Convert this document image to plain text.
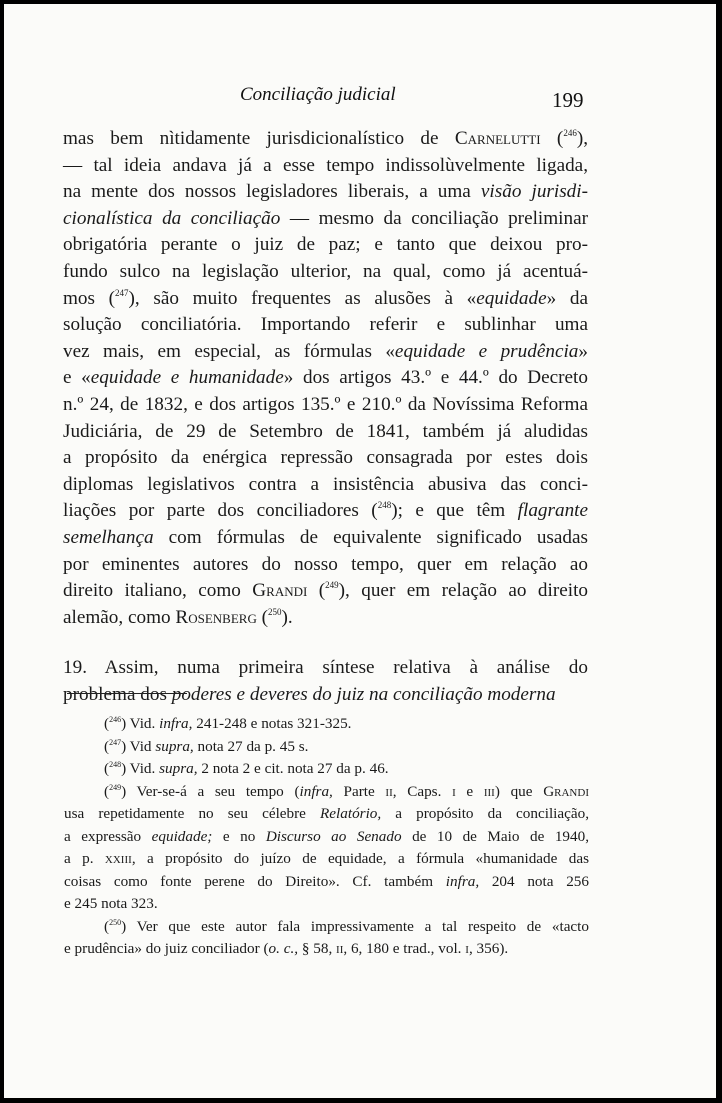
Conciliação judicial	199

mas bem nìtidamente jurisdicionalístico de Carnelutti ($^{246}$),
— tal ideia andava já a esse tempo indissolùvelmente ligada,
na mente dos nossos legisladores liberais, a uma visão jurisdi-
cionalística da conciliação — mesmo da conciliação preliminar
obrigatória perante o juiz de paz; e tanto que deixou pro-
fundo sulco na legislação ulterior, na qual, como já acentuá-
mos ($^{247}$), são muito frequentes as alusões à «equidade» da
solução conciliatória. Importando referir e sublinhar uma
vez mais, em especial, as fórmulas «equidade e prudência»
e «equidade e humanidade» dos artigos 43.º e 44.º do Decreto
n.º 24, de 1832, e dos artigos 135.º e 210.º da Novíssima Reforma
Judiciária, de 29 de Setembro de 1841, também já aludidas
a propósito da enérgica repressão consagrada por estes dois
diplomas legislativos contra a insistência abusiva das conci-
liações por parte dos conciliadores ($^{248}$); e que têm flagrante
semelhança com fórmulas de equivalente significado usadas
por eminentes autores do nosso tempo, quer em relação ao
direito italiano, como Grandi ($^{249}$), quer em relação ao direito
alemão, como Rosenberg ($^{250}$).

19. Assim, numa primeira síntese relativa à análise do
problema dos poderes e deveres do juiz na conciliação moderna

($^{246}$) Vid. infra, 241-248 e notas 321-325.
($^{247}$) Vid supra, nota 27 da p. 45 s.
($^{248}$) Vid. supra, 2 nota 2 e cit. nota 27 da p. 46.
($^{249}$) Ver-se-á a seu tempo (infra, Parte ii, Caps. i e iii) que Grandi
usa repetidamente no seu célebre Relatório, a propósito da conciliação,
a expressão equidade; e no Discurso ao Senado de 10 de Maio de 1940,
a p. xxiii, a propósito do juízo de equidade, a fórmula «humanidade das
coisas como fonte perene do Direito». Cf. também infra, 204 nota 256
e 245 nota 323.
($^{250}$) Ver que este autor fala impressivamente a tal respeito de «tacto
e prudência» do juiz conciliador (o. c., § 58, ii, 6, 180 e trad., vol. i, 356).
